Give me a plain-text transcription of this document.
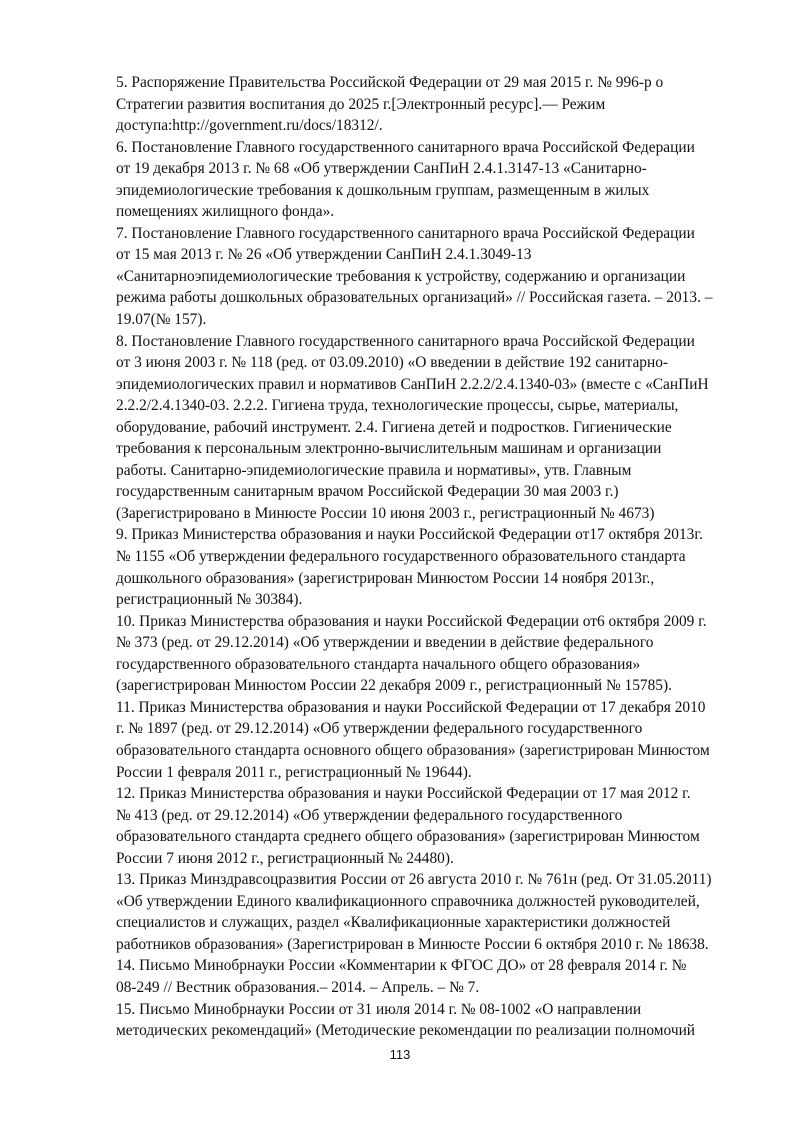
5. Распоряжение Правительства Российской Федерации от 29 мая 2015 г. № 996-р о
Стратегии развития воспитания до 2025 г.[Электронный ресурс].— Режим
доступа:http://government.ru/docs/18312/.
6. Постановление Главного государственного санитарного врача Российской Федерации
от 19 декабря 2013 г. № 68 «Об утверждении СанПиН 2.4.1.3147-13 «Санитарно-
эпидемиологические требования к дошкольным группам, размещенным в жилых
помещениях жилищного фонда».
7. Постановление Главного государственного санитарного врача Российской Федерации
от 15 мая 2013 г. № 26 «Об утверждении СанПиН 2.4.1.3049-13
«Санитарноэпидемиологические требования к устройству, содержанию и организации
режима работы дошкольных образовательных организаций» // Российская газета. – 2013. –
19.07(№ 157).
8. Постановление Главного государственного санитарного врача Российской Федерации
от 3 июня 2003 г. № 118 (ред. от 03.09.2010) «О введении в действие 192 санитарно-
эпидемиологических правил и нормативов СанПиН 2.2.2/2.4.1340-03» (вместе с «СанПиН
2.2.2/2.4.1340-03. 2.2.2. Гигиена труда, технологические процессы, сырье, материалы,
оборудование, рабочий инструмент. 2.4. Гигиена детей и подростков. Гигиенические
требования к персональным электронно-вычислительным машинам и организации
работы. Санитарно-эпидемиологические правила и нормативы», утв. Главным
государственным санитарным врачом Российской Федерации 30 мая 2003 г.)
(Зарегистрировано в Минюсте России 10 июня 2003 г., регистрационный № 4673)
9. Приказ Министерства образования и науки Российской Федерации от17 октября 2013г.
№ 1155 «Об утверждении федерального государственного образовательного стандарта
дошкольного образования» (зарегистрирован Минюстом России 14 ноября 2013г.,
регистрационный № 30384).
10. Приказ Министерства образования и науки Российской Федерации от6 октября 2009 г.
№ 373 (ред. от 29.12.2014) «Об утверждении и введении в действие федерального
государственного образовательного стандарта начального общего образования»
(зарегистрирован Минюстом России 22 декабря 2009 г., регистрационный № 15785).
11. Приказ Министерства образования и науки Российской Федерации от 17 декабря 2010
г. № 1897 (ред. от 29.12.2014) «Об утверждении федерального государственного
образовательного стандарта основного общего образования» (зарегистрирован Минюстом
России 1 февраля 2011 г., регистрационный № 19644).
12. Приказ Министерства образования и науки Российской Федерации от 17 мая 2012 г.
№ 413 (ред. от 29.12.2014) «Об утверждении федерального государственного
образовательного стандарта среднего общего образования» (зарегистрирован Минюстом
России 7 июня 2012 г., регистрационный № 24480).
13. Приказ Минздравсоцразвития России от 26 августа 2010 г. № 761н (ред. От 31.05.2011)
«Об утверждении Единого квалификационного справочника должностей руководителей,
специалистов и служащих, раздел «Квалификационные характеристики должностей
работников образования» (Зарегистрирован в Минюсте России 6 октября 2010 г. № 18638.
14. Письмо Минобрнауки России «Комментарии к ФГОС ДО» от 28 февраля 2014 г. №
08-249 // Вестник образования.– 2014. – Апрель. – № 7.
15. Письмо Минобрнауки России от 31 июля 2014 г. № 08-1002 «О направлении
методических рекомендаций» (Методические рекомендации по реализации полномочий
113
